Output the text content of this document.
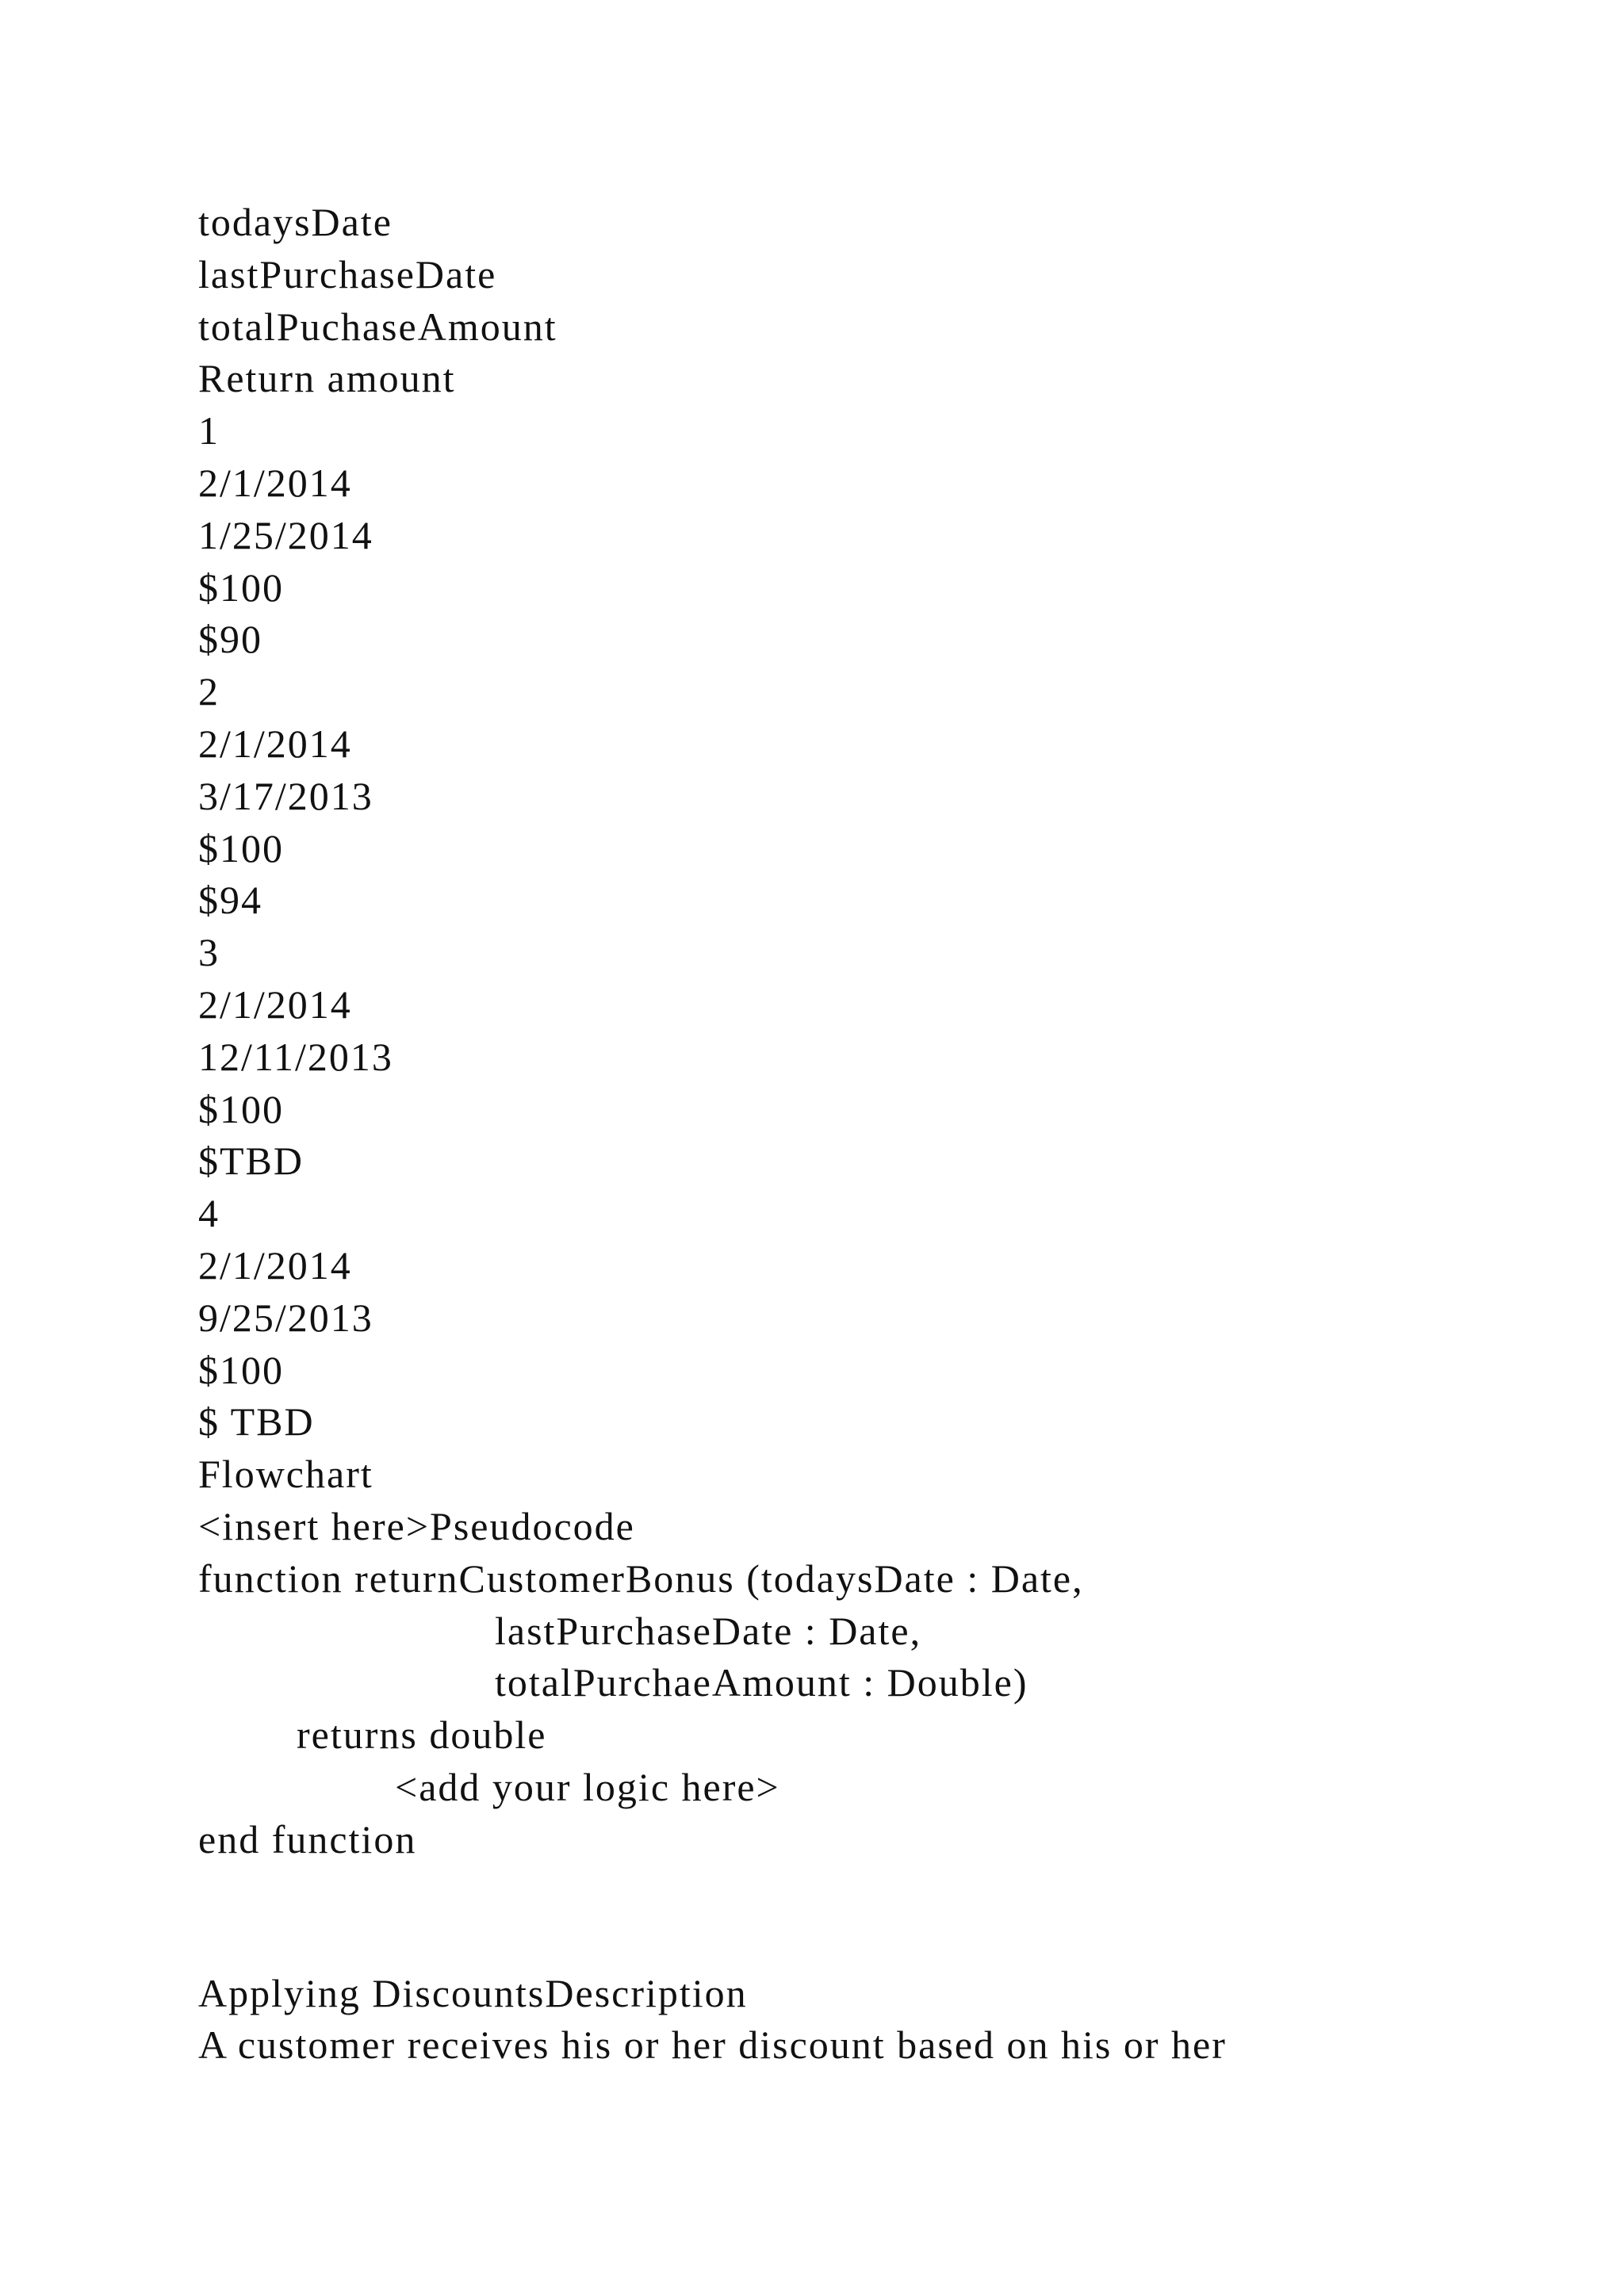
todaysDate
lastPurchaseDate
totalPuchaseAmount
Return amount
1
2/1/2014
1/25/2014
$100
$90
2
2/1/2014
3/17/2013
$100
$94
3
2/1/2014
12/11/2013
$100
$TBD
4
2/1/2014
9/25/2013
$100
$ TBD
Flowchart
<insert here>Pseudocode
function returnCustomerBonus (todaysDate : Date,
lastPurchaseDate : Date,
totalPurchaeAmount : Double)
returns double
<add your logic here>
end function
Applying DiscountsDescription
A customer receives his or her discount based on his or her
